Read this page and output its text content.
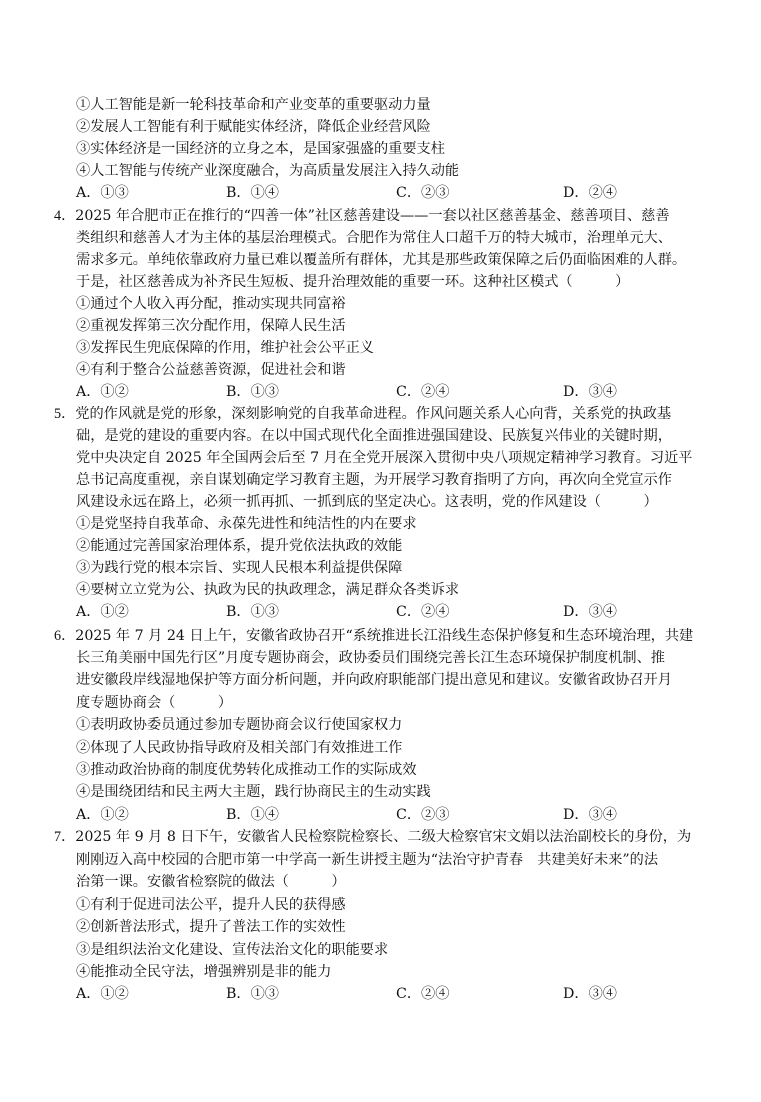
①人工智能是新一轮科技革命和产业变革的重要驱动力量
②发展人工智能有利于赋能实体经济，降低企业经营风险
③实体经济是一国经济的立身之本，是国家强盛的重要支柱
④人工智能与传统产业深度融合，为高质量发展注入持久动能
A．①③	B．①④	C．②③	D．②④
4．2025 年合肥市正在推行的“四善一体”社区慈善建设——一套以社区慈善基金、慈善项目、慈善
类组织和慈善人才为主体的基层治理模式。合肥作为常住人口超千万的特大城市，治理单元大、
需求多元。单纯依靠政府力量已难以覆盖所有群体，尤其是那些政策保障之后仍面临困难的人群。
于是，社区慈善成为补齐民生短板、提升治理效能的重要一环。这种社区模式（　　　）
①通过个人收入再分配，推动实现共同富裕
②重视发挥第三次分配作用，保障人民生活
③发挥民生兜底保障的作用，维护社会公平正义
④有利于整合公益慈善资源，促进社会和谐
A．①②	B．①③	C．②④	D．③④
5．党的作风就是党的形象，深刻影响党的自我革命进程。作风问题关系人心向背，关系党的执政基
础，是党的建设的重要内容。在以中国式现代化全面推进强国建设、民族复兴伟业的关键时期，
党中央决定自 2025 年全国两会后至 7 月在全党开展深入贯彻中央八项规定精神学习教育。习近平
总书记高度重视，亲自谋划确定学习教育主题，为开展学习教育指明了方向，再次向全党宣示作
风建设永远在路上，必须一抓再抓、一抓到底的坚定决心。这表明，党的作风建设（　　　）
①是党坚持自我革命、永葆先进性和纯洁性的内在要求
②能通过完善国家治理体系，提升党依法执政的效能
③为践行党的根本宗旨、实现人民根本利益提供保障
④要树立立党为公、执政为民的执政理念，满足群众各类诉求
A．①②	B．①③	C．②④	D．③④
6．2025 年 7 月 24 日上午，安徽省政协召开“系统推进长江沿线生态保护修复和生态环境治理，共建
长三角美丽中国先行区”月度专题协商会，政协委员们围绕完善长江生态环境保护制度机制、推
进安徽段岸线湿地保护等方面分析问题，并向政府职能部门提出意见和建议。安徽省政协召开月
度专题协商会（　　　）
①表明政协委员通过参加专题协商会议行使国家权力
②体现了人民政协指导政府及相关部门有效推进工作
③推动政治协商的制度优势转化成推动工作的实际成效
④是围绕团结和民主两大主题，践行协商民主的生动实践
A．①②	B．①④	C．②③	D．③④
7．2025 年 9 月 8 日下午，安徽省人民检察院检察长、二级大检察官宋文娟以法治副校长的身份，为
刚刚迈入高中校园的合肥市第一中学高一新生讲授主题为“法治守护青春　共建美好未来”的法
治第一课。安徽省检察院的做法（　　　）
①有利于促进司法公平，提升人民的获得感
②创新普法形式，提升了普法工作的实效性
③是组织法治文化建设、宣传法治文化的职能要求
④能推动全民守法，增强辨别是非的能力
A．①②	B．①③	C．②④	D．③④
